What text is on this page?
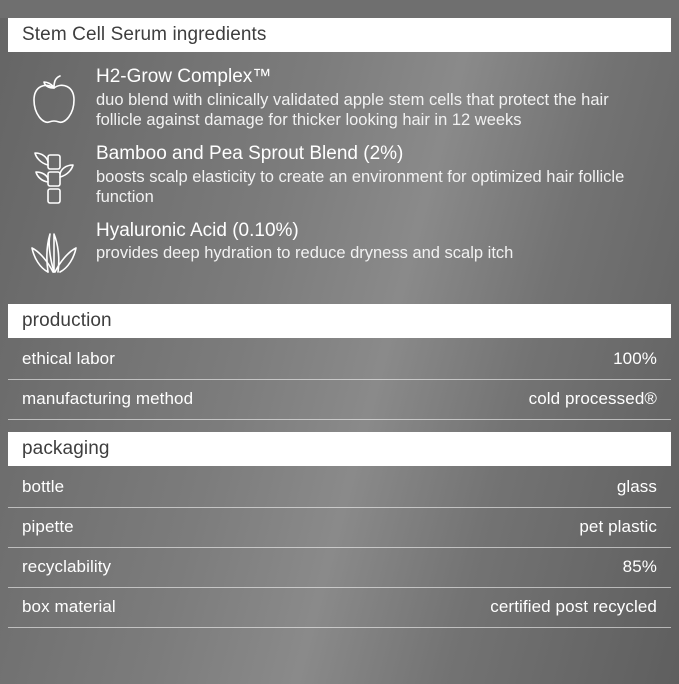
Stem Cell Serum ingredients
H2-Grow Complex™
duo blend with clinically validated apple stem cells that protect the hair follicle against damage for thicker looking hair in 12 weeks
Bamboo and Pea Sprout Blend (2%)
boosts scalp elasticity to create an environment for optimized hair follicle function
Hyaluronic Acid (0.10%)
provides deep hydration to reduce dryness and scalp itch
production
ethical labor	100%
manufacturing method	cold processed®
packaging
bottle	glass
pipette	pet plastic
recyclability	85%
box material	certified post recycled
